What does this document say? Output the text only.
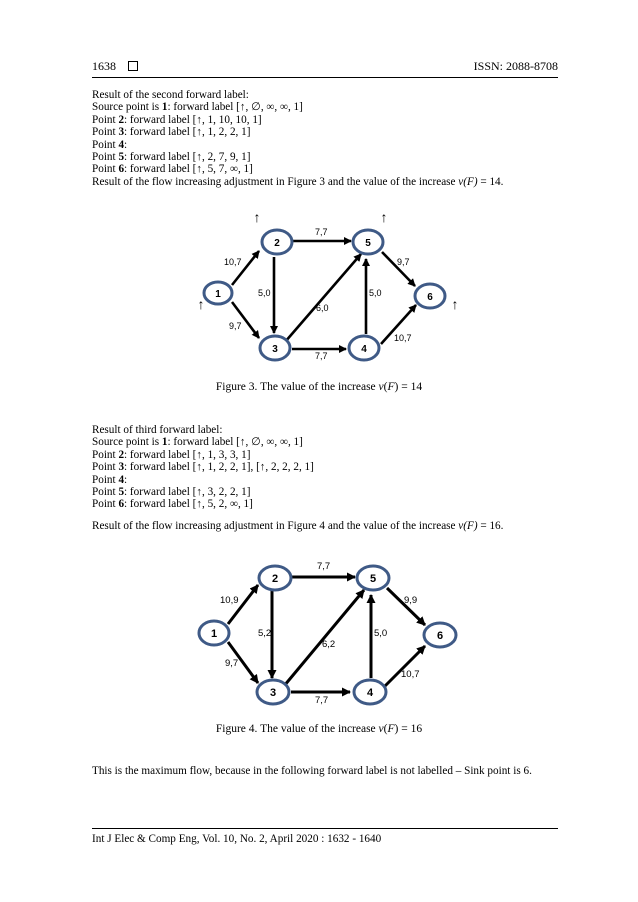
1638	ISSN: 2088-8708

Result of the second forward label:

Source point is 1: forward label [↑, ∅, ∞, ∞, 1]

Point 2: forward label [↑, 1, 10, 10, 1]

Point 3: forward label [↑, 1, 2, 2, 1]

Point 4:

Point 5: forward label [↑, 2, 7, 9, 1]

Point 6: forward label [↑, 5, 7, ∞, 1]

Result of the flow increasing adjustment in Figure 3 and the value of the increase v(F) = 14.

1
2
3	4
5
6
10,7
9,7
5,0
7,7
6,0
7,7
5,0
9,7
10,7
↑
↑	↑
↑
Figure 3. The value of the increase v(F) = 14

Result of third forward label:

Source point is 1: forward label [↑, ∅, ∞, ∞, 1]

Point 2: forward label [↑, 1, 3, 3, 1]

Point 3: forward label [↑, 1, 2, 2, 1], [↑, 2, 2, 2, 1]

Point 4:

Point 5: forward label [↑, 3, 2, 2, 1]

Point 6: forward label [↑, 5, 2, ∞, 1]

Result of the flow increasing adjustment in Figure 4 and the value of the increase v(F) = 16.
1
2
3	4
5
6
10,9
9,7
5,2
7,7
6,2
7,7
5,0
9,9
10,7
Figure 4. The value of the increase v(F) = 16
This is the maximum flow, because in the following forward label is not labelled – Sink point is 6.
Int J Elec & Comp Eng, Vol. 10, No. 2, April 2020 : 1632 - 1640
